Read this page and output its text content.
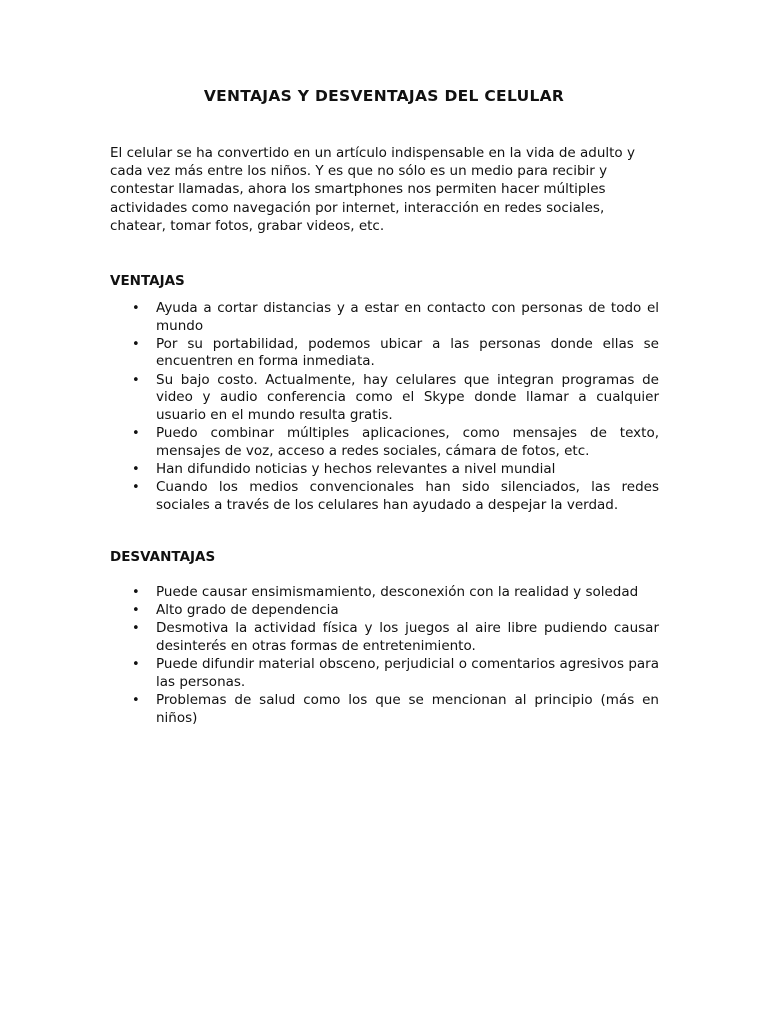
VENTAJAS Y DESVENTAJAS DEL CELULAR

El celular se ha convertido en un artículo indispensable en la vida de adulto y cada vez más entre los niños. Y es que no sólo es un medio para recibir y contestar llamadas, ahora los smartphones nos permiten hacer múltiples actividades como navegación por internet, interacción en redes sociales, chatear, tomar fotos, grabar videos, etc.

VENTAJAS
•	Ayuda a cortar distancias y a estar en contacto con personas de todo el mundo
•	Por su portabilidad, podemos ubicar a las personas donde ellas se encuentren en forma inmediata.
•	Su bajo costo. Actualmente, hay celulares que integran programas de video y audio conferencia como el Skype donde llamar a cualquier usuario en el mundo resulta gratis.
•	Puedo combinar múltiples aplicaciones, como mensajes de texto, mensajes de voz, acceso a redes sociales, cámara de fotos, etc.
•	Han difundido noticias y hechos relevantes a nivel mundial
•	Cuando los medios convencionales han sido silenciados, las redes sociales a través de los celulares han ayudado a despejar la verdad.
DESVANTAJAS
•	Puede causar ensimismamiento, desconexión con la realidad y soledad
•	Alto grado de dependencia
•	Desmotiva la actividad física y los juegos al aire libre pudiendo causar desinterés en otras formas de entretenimiento.
•	Puede difundir material obsceno, perjudicial o comentarios agresivos para las personas.
•	Problemas de salud como los que se mencionan al principio (más en niños)
